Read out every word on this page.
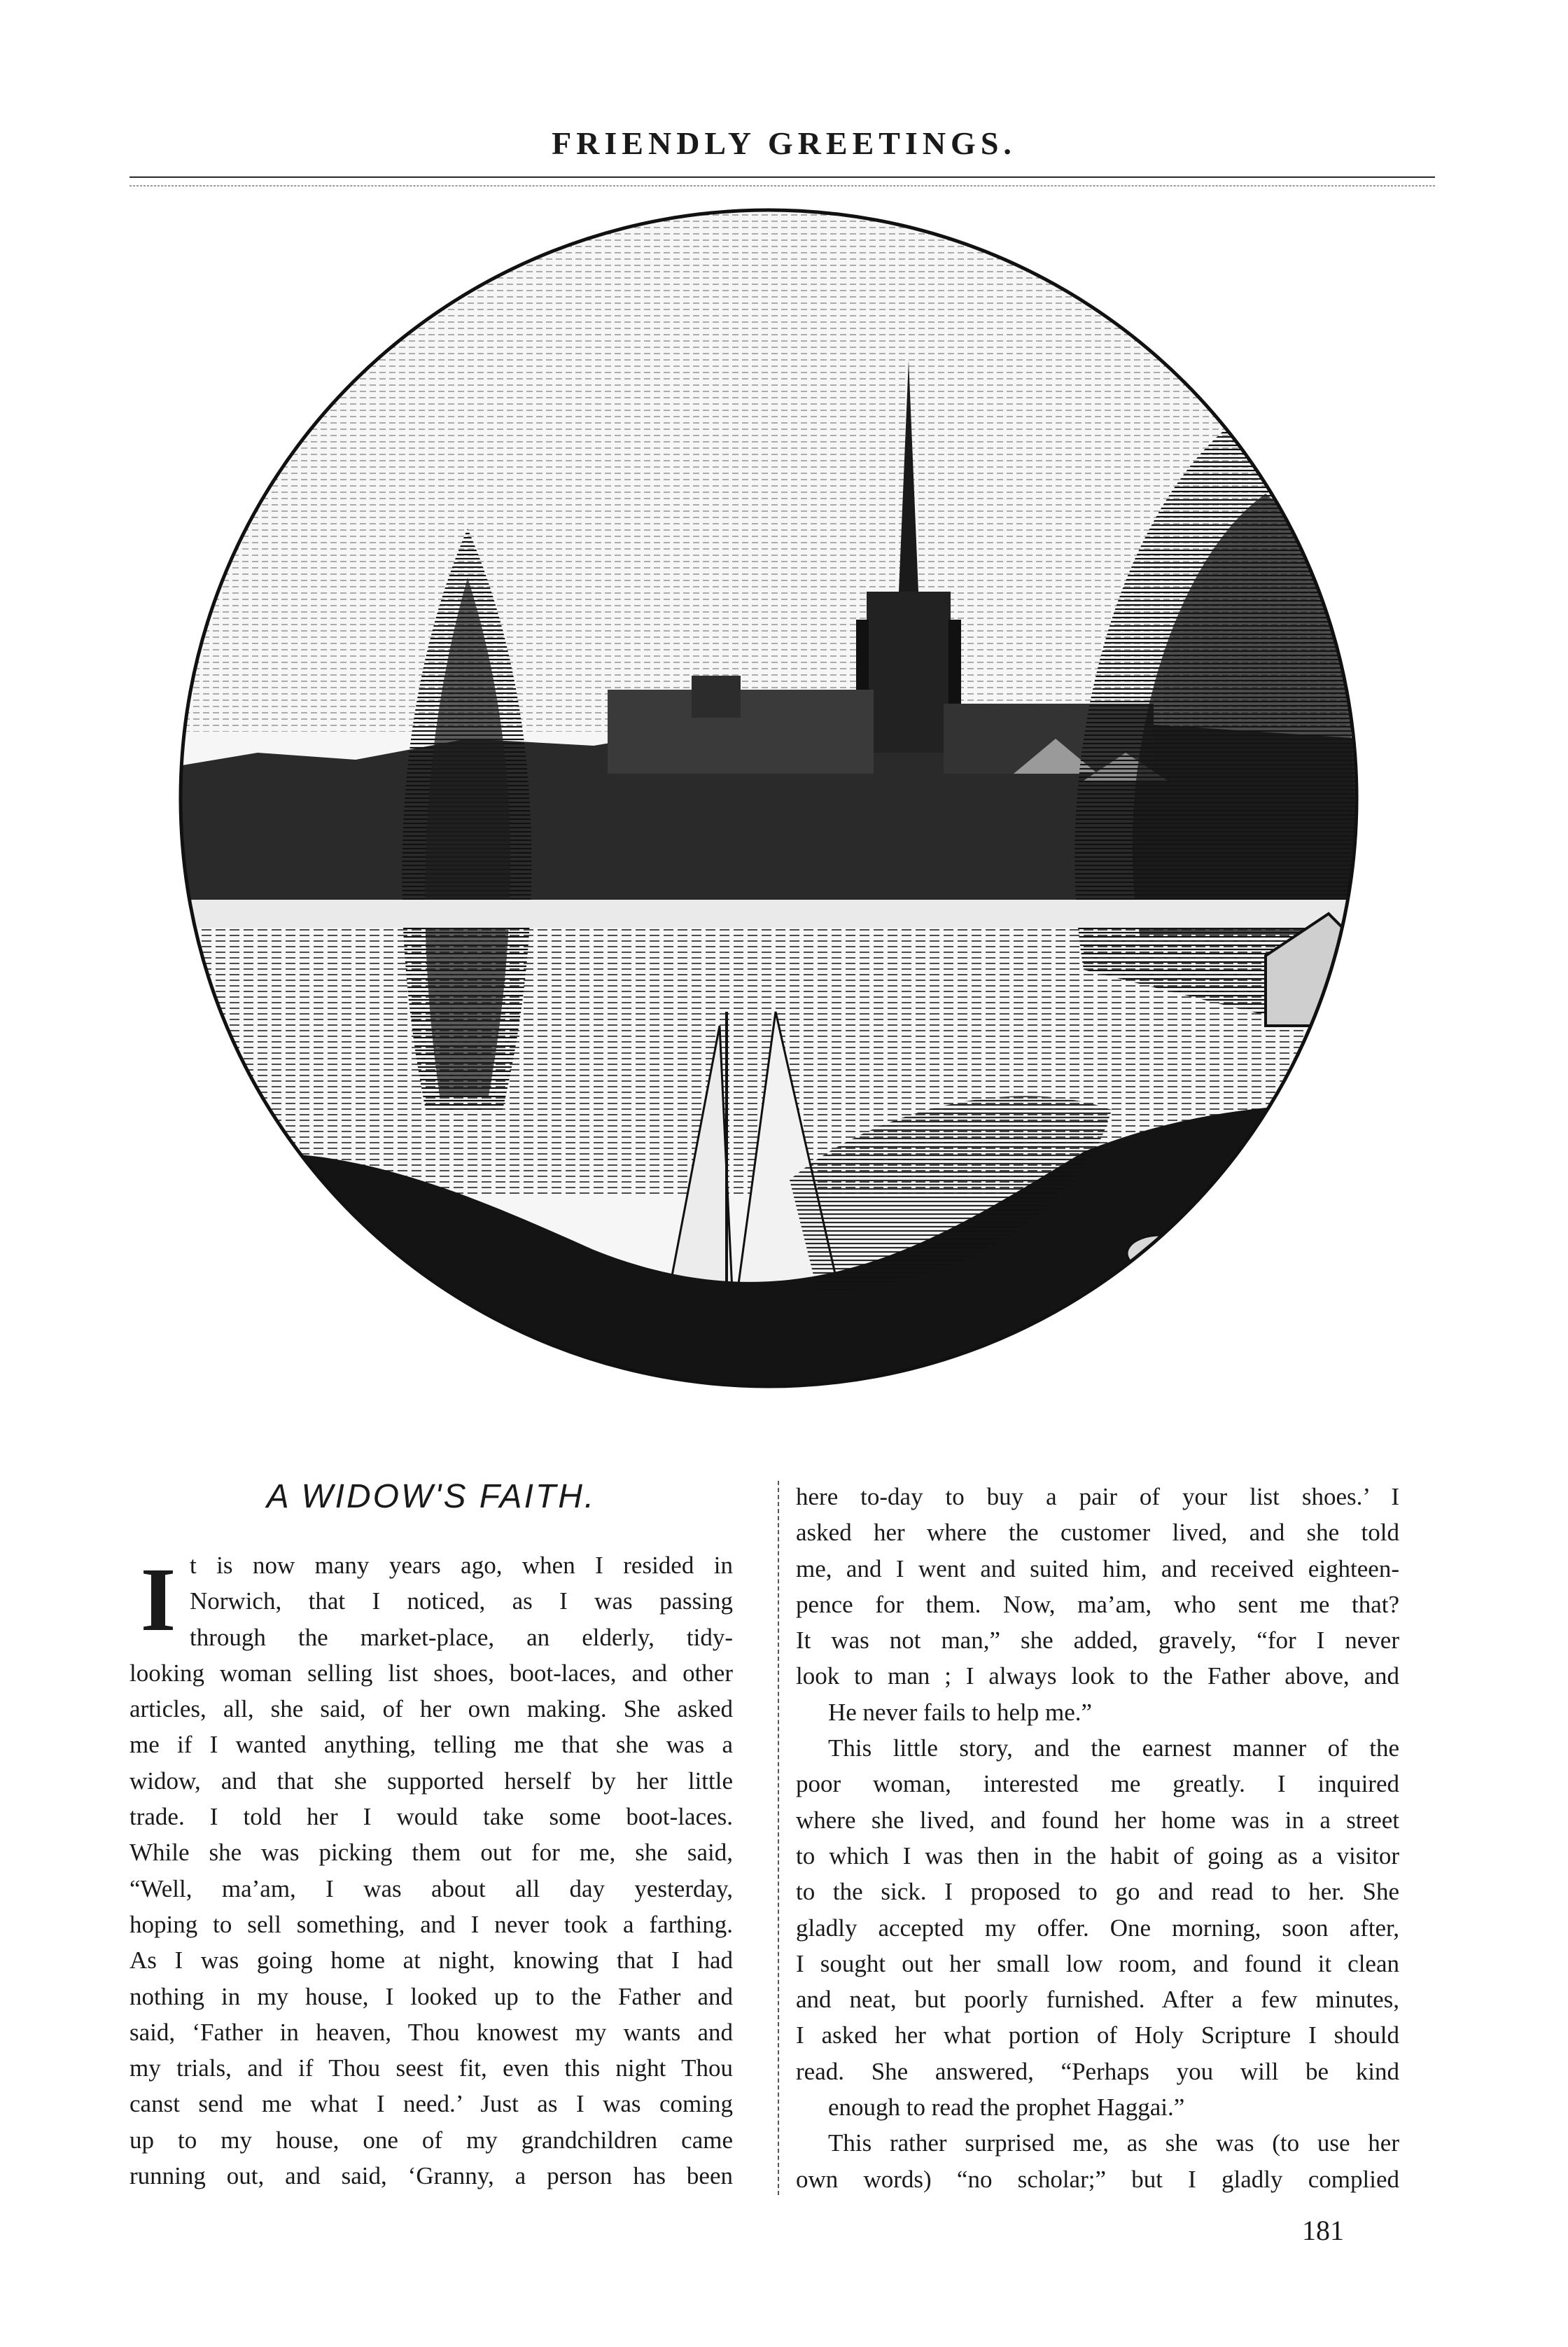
FRIENDLY GREETINGS.
A WIDOW'S FAITH.
I t is now many years ago, when I resided in
Norwich, that I noticed, as I was passing
through the market-place, an elderly, tidy-
looking woman selling list shoes, boot-laces, and other
articles, all, she said, of her own making. She asked
me if I wanted anything, telling me that she was a
widow, and that she supported herself by her little
trade. I told her I would take some boot-laces.
While she was picking them out for me, she said,
“Well, ma’am, I was about all day yesterday,
hoping to sell something, and I never took a farthing.
As I was going home at night, knowing that I had
nothing in my house, I looked up to the Father and
said, ‘Father in heaven, Thou knowest my wants and
my trials, and if Thou seest fit, even this night Thou
canst send me what I need.’ Just as I was coming
up to my house, one of my grandchildren came
running out, and said, ‘Granny, a person has been
here to-day to buy a pair of your list shoes.’ I
asked her where the customer lived, and she told
me, and I went and suited him, and received eighteen-
pence for them. Now, ma’am, who sent me that?
It was not man,” she added, gravely, “for I never
look to man ; I always look to the Father above, and
He never fails to help me.”
This little story, and the earnest manner of the
poor woman, interested me greatly. I inquired
where she lived, and found her home was in a street
to which I was then in the habit of going as a visitor
to the sick. I proposed to go and read to her. She
gladly accepted my offer. One morning, soon after,
I sought out her small low room, and found it clean
and neat, but poorly furnished. After a few minutes,
I asked her what portion of Holy Scripture I should
read. She answered, “Perhaps you will be kind
enough to read the prophet Haggai.”
This rather surprised me, as she was (to use her
own words) “no scholar;” but I gladly complied
181
